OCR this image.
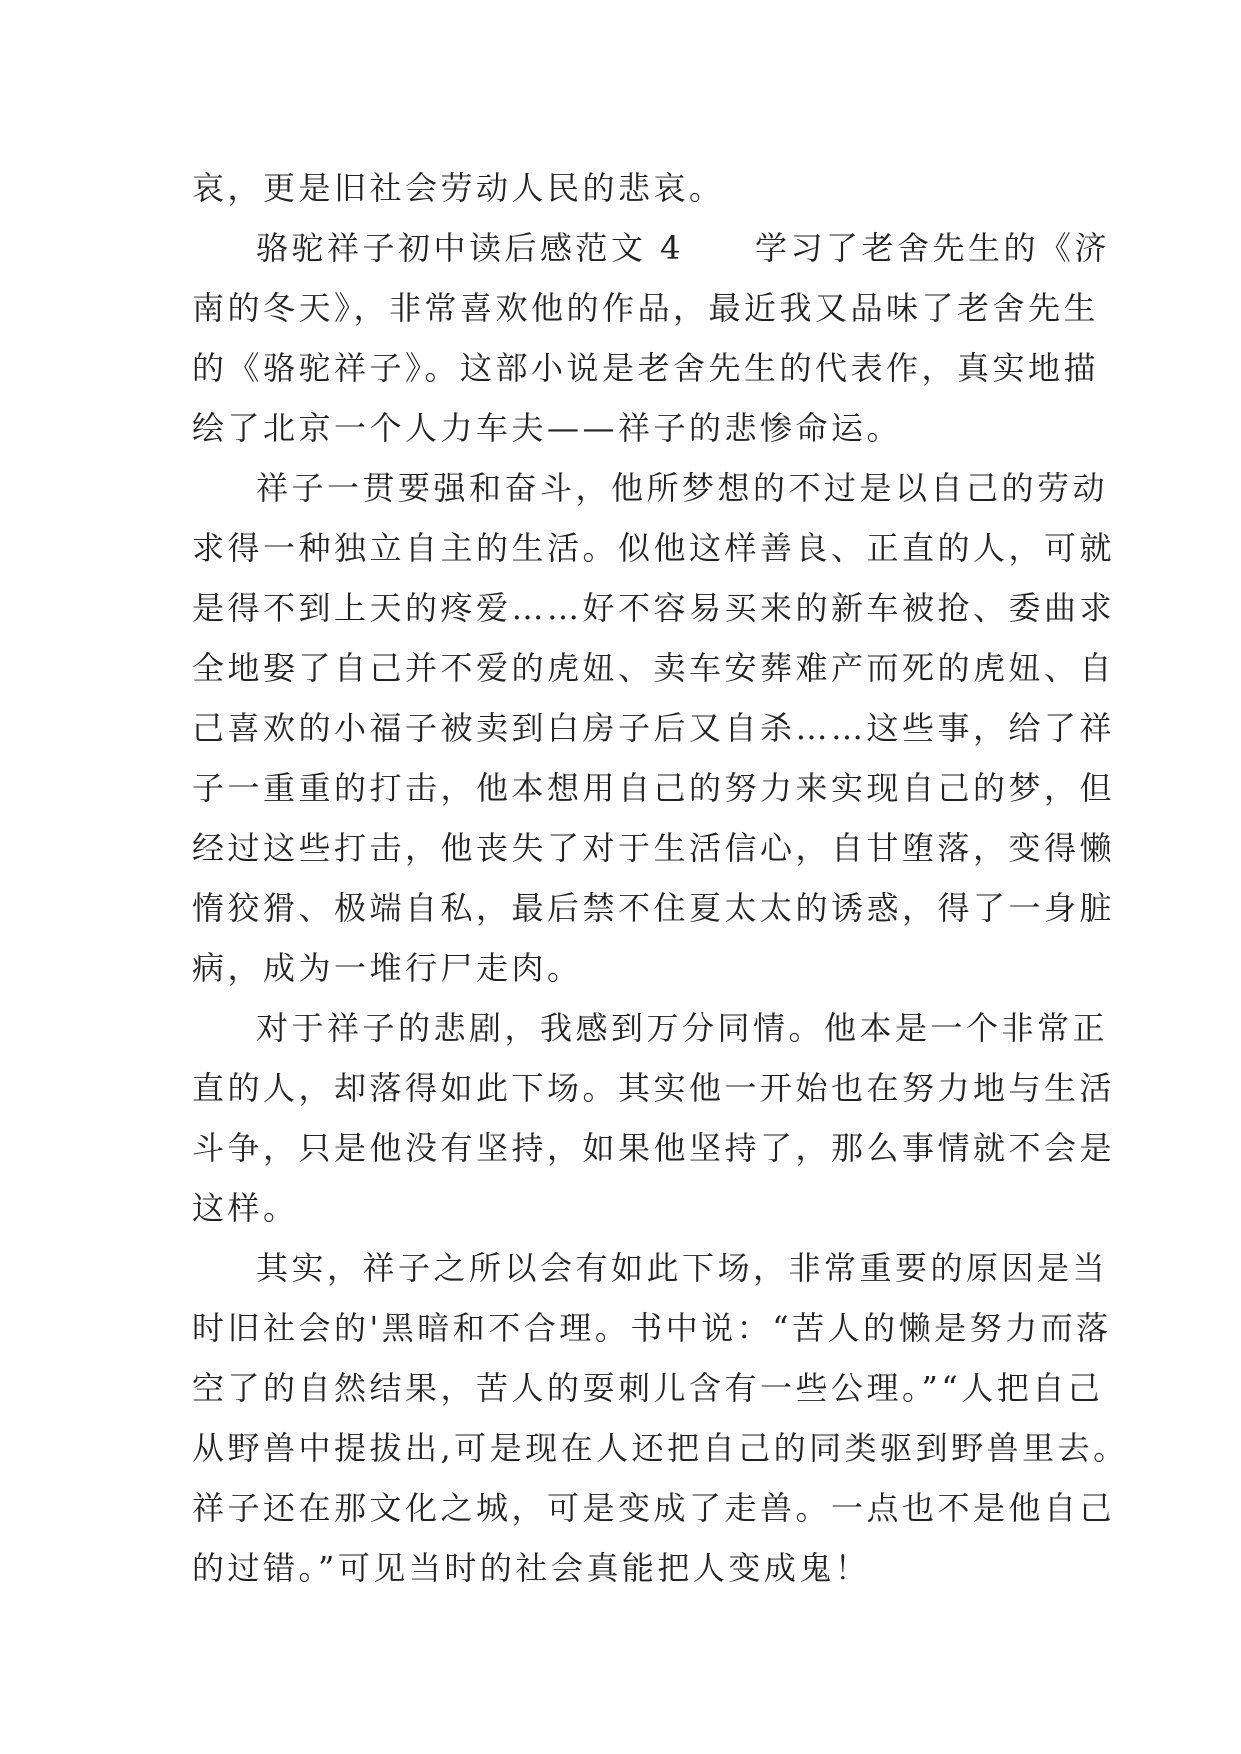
哀，更是旧社会劳动人民的悲哀。
骆驼祥子初中读后感范文 4　　学习了老舍先生的《济
南的冬天》，非常喜欢他的作品，最近我又品味了老舍先生
的《骆驼祥子》。这部小说是老舍先生的代表作，真实地描
绘了北京一个人力车夫——祥子的悲惨命运。
祥子一贯要强和奋斗，他所梦想的不过是以自己的劳动
求得一种独立自主的生活。似他这样善良、正直的人，可就
是得不到上天的疼爱……好不容易买来的新车被抢、委曲求
全地娶了自己并不爱的虎妞、卖车安葬难产而死的虎妞、自
己喜欢的小福子被卖到白房子后又自杀……这些事，给了祥
子一重重的打击，他本想用自己的努力来实现自己的梦，但
经过这些打击，他丧失了对于生活信心，自甘堕落，变得懒
惰狡猾、极端自私，最后禁不住夏太太的诱惑，得了一身脏
病，成为一堆行尸走肉。
对于祥子的悲剧，我感到万分同情。他本是一个非常正
直的人，却落得如此下场。其实他一开始也在努力地与生活
斗争，只是他没有坚持，如果他坚持了，那么事情就不会是
这样。
其实，祥子之所以会有如此下场，非常重要的原因是当
时旧社会的'黑暗和不合理。书中说：“苦人的懒是努力而落
空了的自然结果，苦人的耍刺儿含有一些公理。”“人把自己
从野兽中提拔出,可是现在人还把自己的同类驱到野兽里去。
祥子还在那文化之城，可是变成了走兽。一点也不是他自己
的过错。”可见当时的社会真能把人变成鬼！
